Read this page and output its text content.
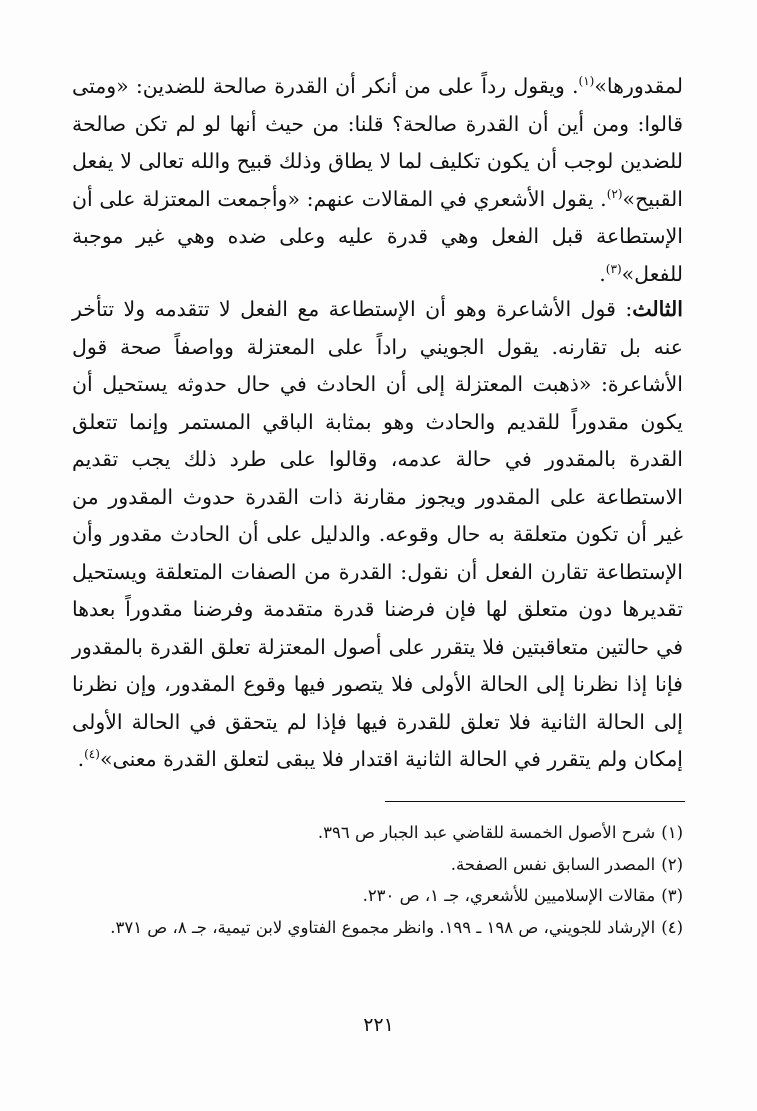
لمقدورها»$^{(١)}$. ويقول رداً على من أنكر أن القدرة صالحة للضدين: «ومتى قالوا: ومن أين أن القدرة صالحة؟ قلنا: من حيث أنها لو لم تكن صالحة للضدين لوجب أن يكون تكليف لما لا يطاق وذلك قبيح والله تعالى لا يفعل القبيح»$^{(٢)}$. يقول الأشعري في المقالات عنهم: «وأجمعت المعتزلة على أن الإستطاعة قبل الفعل وهي قدرة عليه وعلى ضده وهي غير موجبة للفعل»$^{(٣)}$.

الثالث: قول الأشاعرة وهو أن الإستطاعة مع الفعل لا تتقدمه ولا تتأخر عنه بل تقارنه. يقول الجويني راداً على المعتزلة وواصفاً صحة قول الأشاعرة: «ذهبت المعتزلة إلى أن الحادث في حال حدوثه يستحيل أن يكون مقدوراً للقديم والحادث وهو بمثابة الباقي المستمر وإنما تتعلق القدرة بالمقدور في حالة عدمه، وقالوا على طرد ذلك يجب تقديم الاستطاعة على المقدور ويجوز مقارنة ذات القدرة حدوث المقدور من غير أن تكون متعلقة به حال وقوعه. والدليل على أن الحادث مقدور وأن الإستطاعة تقارن الفعل أن نقول: القدرة من الصفات المتعلقة ويستحيل تقديرها دون متعلق لها فإن فرضنا قدرة متقدمة وفرضنا مقدوراً بعدها في حالتين متعاقبتين فلا يتقرر على أصول المعتزلة تعلق القدرة بالمقدور فإنا إذا نظرنا إلى الحالة الأولى فلا يتصور فيها وقوع المقدور، وإن نظرنا إلى الحالة الثانية فلا تعلق للقدرة فيها فإذا لم يتحقق في الحالة الأولى إمكان ولم يتقرر في الحالة الثانية اقتدار فلا يبقى لتعلق القدرة معنى»$^{(٤)}$.

(١)شرح الأصول الخمسة للقاضي عبد الجبار ص ٣٩٦.

(٢)المصدر السابق نفس الصفحة.

(٣)مقالات الإسلاميين للأشعري، جـ ١، ص ٢٣٠.

(٤)الإرشاد للجويني، ص ١٩٨ ـ ١٩٩. وانظر مجموع الفتاوي لابن تيمية، جـ ٨، ص ٣٧١.

٢٢١
